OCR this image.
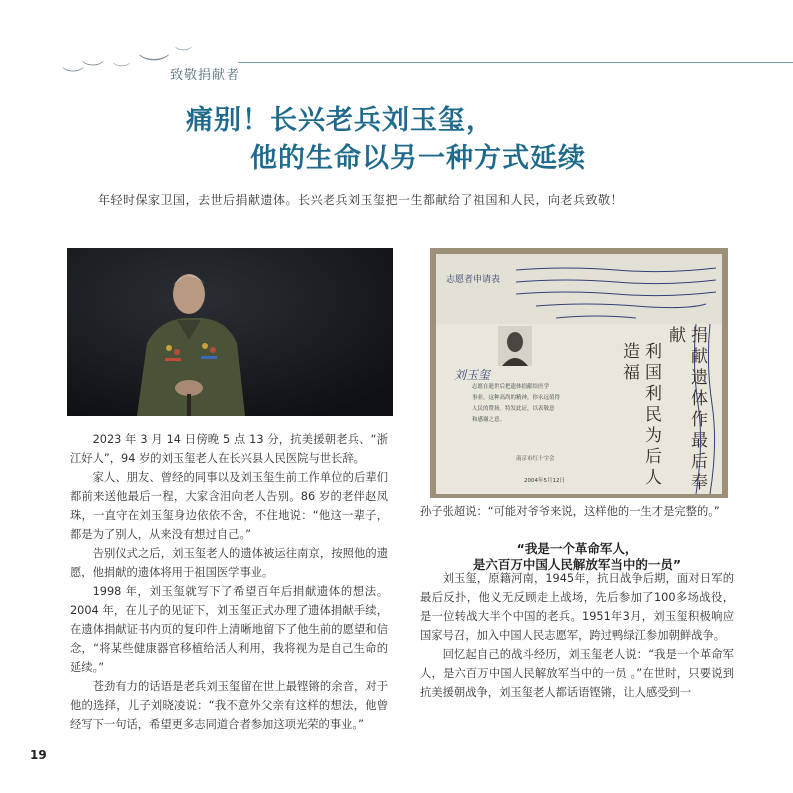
︶
︶ ︶ ︶ ︶
致敬捐献者
痛别！长兴老兵刘玉玺，
他的生命以另一种方式延续
年轻时保家卫国，去世后捐献遗体。长兴老兵刘玉玺把一生都献给了祖国和人民，向老兵致敬！
志愿者申请表
刘玉玺
志愿在逝世后把遗体捐献给医学
事业。这种高尚的精神，你永远值得
人民的赞扬。特发此证，以表敬意
和感谢之意。
南京市红十字会
2004年5月12日	捐献遗体作最后奉献
利国利民为后人造福

2023 年 3 月 14 日傍晚 5 点 13 分，抗美援朝老兵、“浙江好人”，94 岁的刘玉玺老人在长兴县人民医院与世长辞。

家人、朋友、曾经的同事以及刘玉玺生前工作单位的后辈们都前来送他最后一程，大家含泪向老人告别。86 岁的老伴赵凤珠，一直守在刘玉玺身边依依不舍，不住地说：“他这一辈子，都是为了别人，从来没有想过自己。”

告别仪式之后，刘玉玺老人的遗体被运往南京，按照他的遗愿，他捐献的遗体将用于祖国医学事业。

1998 年，刘玉玺就写下了希望百年后捐献遗体的想法。2004 年，在儿子的见证下，刘玉玺正式办理了遗体捐献手续，在遗体捐献证书内页的复印件上清晰地留下了他生前的愿望和信念，“将某些健康器官移植给活人利用，我将视为是自己生命的延续。”

苍劲有力的话语是老兵刘玉玺留在世上最铿锵的余音，对于他的选择，儿子刘晓凌说：“我不意外父亲有这样的想法，他曾经写下一句话，希望更多志同道合者参加这项光荣的事业。”

孙子张超说：“可能对爷爷来说，这样他的一生才是完整的。”
“我是一个革命军人，
是六百万中国人民解放军当中的一员”

刘玉玺，原籍河南，1945年，抗日战争后期，面对日军的最后反扑，他义无反顾走上战场，先后参加了100多场战役，是一位转战大半个中国的老兵。1951年3月，刘玉玺积极响应国家号召，加入中国人民志愿军，跨过鸭绿江参加朝鲜战争。

回忆起自己的战斗经历，刘玉玺老人说：“我是一个革命军人，是六百万中国人民解放军当中的一员 。”在世时，只要说到抗美援朝战争，刘玉玺老人都话语铿锵，让人感受到一

19
